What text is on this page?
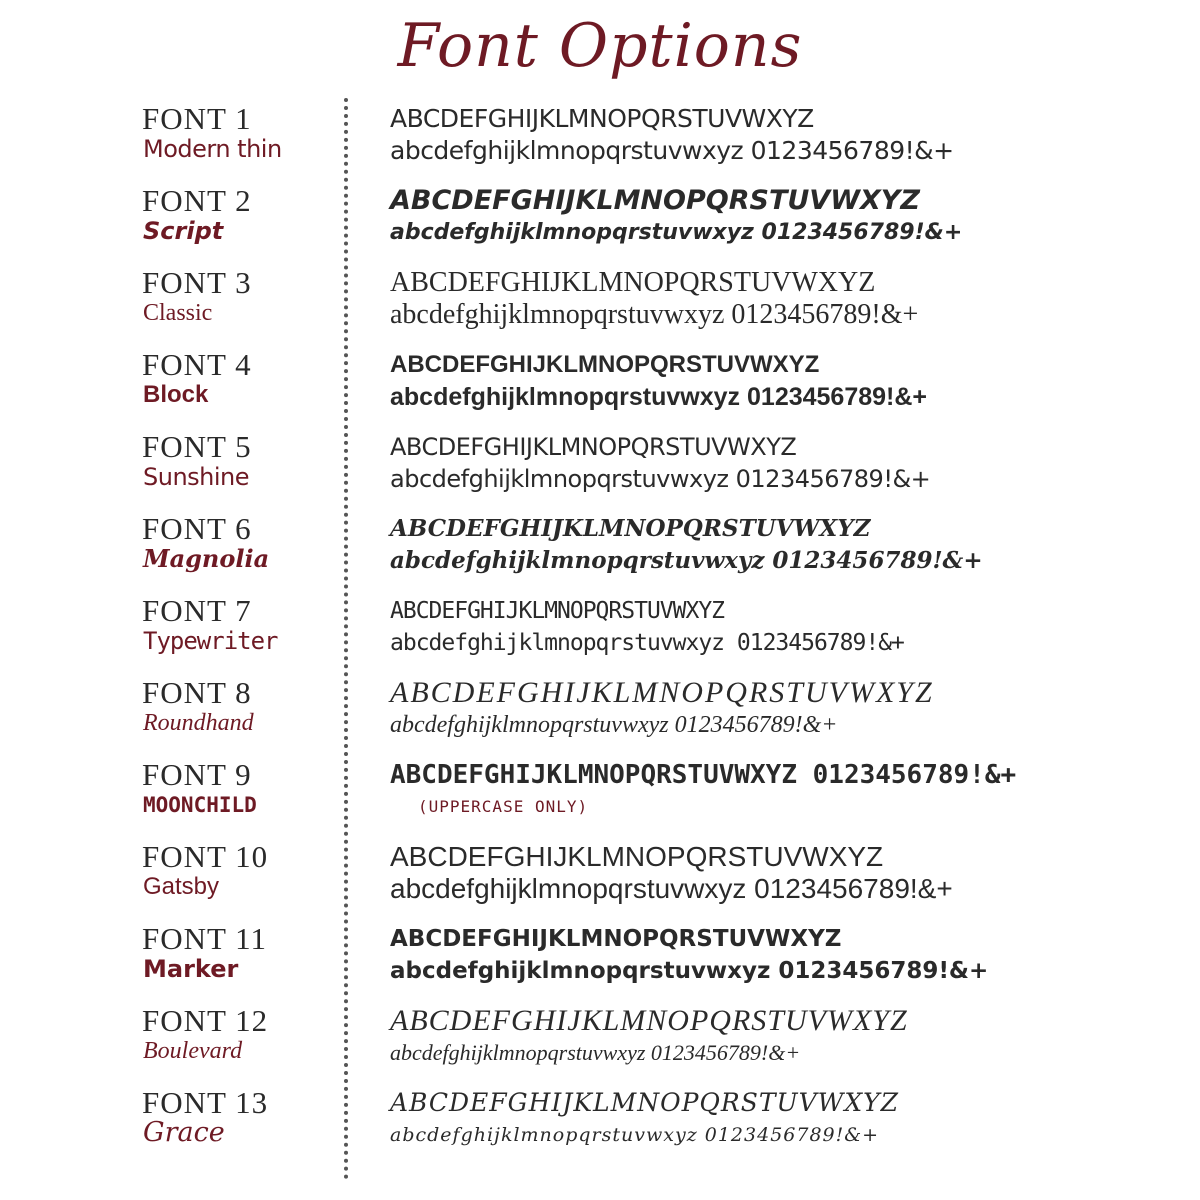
Font Options
FONT 1
Modern thin
ABCDEFGHIJKLMNOPQRSTUVWXYZ
abcdefghijklmnopqrstuvwxyz 0123456789!&+
FONT 2
Script
ABCDEFGHIJKLMNOPQRSTUVWXYZ
abcdefghijklmnopqrstuvwxyz 0123456789!&+
FONT 3
Classic
ABCDEFGHIJKLMNOPQRSTUVWXYZ
abcdefghijklmnopqrstuvwxyz 0123456789!&+
FONT 4
Block
ABCDEFGHIJKLMNOPQRSTUVWXYZ
abcdefghijklmnopqrstuvwxyz 0123456789!&+
FONT 5
Sunshine
ABCDEFGHIJKLMNOPQRSTUVWXYZ
abcdefghijklmnopqrstuvwxyz 0123456789!&+
FONT 6
Magnolia
ABCDEFGHIJKLMNOPQRSTUVWXYZ
abcdefghijklmnopqrstuvwxyz 0123456789!&+
FONT 7
Typewriter
ABCDEFGHIJKLMNOPQRSTUVWXYZ
abcdefghijklmnopqrstuvwxyz 0123456789!&+
FONT 8
Roundhand
ABCDEFGHIJKLMNOPQRSTUVWXYZ
abcdefghijklmnopqrstuvwxyz 0123456789!&+
FONT 9
MOONCHILD
ABCDEFGHIJKLMNOPQRSTUVWXYZ 0123456789!&+
(UPPERCASE ONLY)
FONT 10
Gatsby
ABCDEFGHIJKLMNOPQRSTUVWXYZ
abcdefghijklmnopqrstuvwxyz 0123456789!&+
FONT 11
Marker
ABCDEFGHIJKLMNOPQRSTUVWXYZ
abcdefghijklmnopqrstuvwxyz 0123456789!&+
FONT 12
Boulevard
ABCDEFGHIJKLMNOPQRSTUVWXYZ
abcdefghijklmnopqrstuvwxyz 0123456789!&+
FONT 13
Grace
ABCDEFGHIJKLMNOPQRSTUVWXYZ
abcdefghijklmnopqrstuvwxyz 0123456789!&+
